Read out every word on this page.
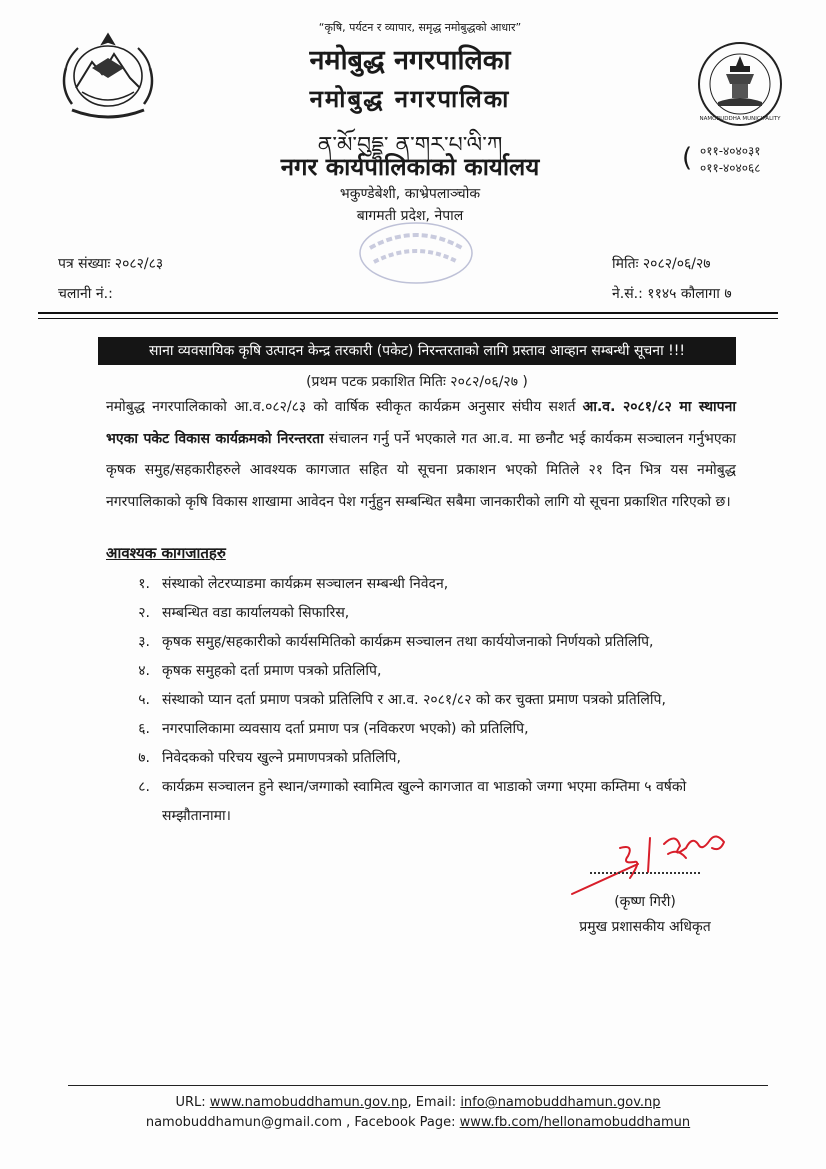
NAMOBUDDHA MUNICIPALITY
“कृषि, पर्यटन र व्यापार, समृद्ध नमोबुद्धको आधार”
नमोबुद्ध नगरपालिका
नमोबुद्ध नगरपालिका
ན་མོ་བུདྡྷ་ ན་གར་པ་ལི་ཀ
नगर कार्यपालिकाको कार्यालय
भकुण्डेबेशी, काभ्रेपलाञ्चोक
बागमती प्रदेश, नेपाल
( ०११-४०४०३१
०११-४०४०६८
पत्र संख्याः २०८२/८३
चलानी नं.:
मितिः २०८२/०६/२७
ने.सं.: ११४५ कौलागा ७
साना व्यवसायिक कृषि उत्पादन केन्द्र तरकारी (पकेट) निरन्तरताको लागि प्रस्ताव आव्हान सम्बन्धी सूचना !!!
(प्रथम पटक प्रकाशित मितिः २०८२/०६/२७ )
नमोबुद्ध नगरपालिकाको आ.व.०८२/८३ को वार्षिक स्वीकृत कार्यक्रम अनुसार संघीय सशर्त आ.व. २०८१/८२ मा स्थापना भएका पकेट विकास कार्यक्रमको निरन्तरता संचालन गर्नु पर्ने भएकाले गत आ.व. मा छनौट भई कार्यकम सञ्चालन गर्नुभएका कृषक समुह/सहकारीहरुले आवश्यक कागजात सहित यो सूचना प्रकाशन भएको मितिले २१ दिन भित्र यस नमोबुद्ध नगरपालिकाको कृषि विकास शाखामा आवेदन पेश गर्नुहुन सम्बन्धित सबैमा जानकारीको लागि यो सूचना प्रकाशित गरिएको छ।
आवश्यक कागजातहरु
१. संस्थाको लेटरप्याडमा कार्यक्रम सञ्चालन सम्बन्धी निवेदन,
२. सम्बन्धित वडा कार्यालयको सिफारिस,
३. कृषक समुह/सहकारीको कार्यसमितिको कार्यक्रम सञ्चालन तथा कार्ययोजनाको निर्णयको प्रतिलिपि,
४. कृषक समुहको दर्ता प्रमाण पत्रको प्रतिलिपि,
५. संस्थाको प्यान दर्ता प्रमाण पत्रको प्रतिलिपि र आ.व. २०८१/८२ को कर चुक्ता प्रमाण पत्रको प्रतिलिपि,
६. नगरपालिकामा व्यवसाय दर्ता प्रमाण पत्र (नविकरण भएको) को प्रतिलिपि,
७. निवेदकको परिचय खुल्ने प्रमाणपत्रको प्रतिलिपि,
८. कार्यक्रम सञ्चालन हुने स्थान/जग्गाको स्वामित्व खुल्ने कागजात वा भाडाको जग्गा भएमा कम्तिमा ५ वर्षको सम्झौतानामा।
(कृष्ण गिरी)
प्रमुख प्रशासकीय अधिकृत
URL: www.namobuddhamun.gov.np, Email: info@namobuddhamun.gov.np
namobuddhamun@gmail.com , Facebook Page: www.fb.com/hellonamobuddhamun
